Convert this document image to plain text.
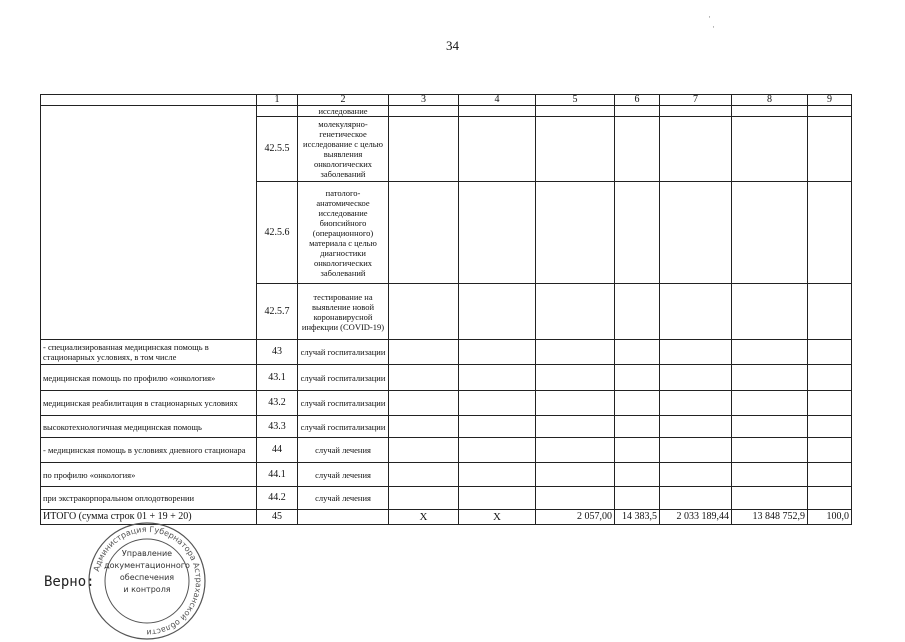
34
·
·
	1	2	3	4	5	6	7	8	9
		исследование							
	42.5.5	молекулярно-генетическое исследование с целью выявления онкологических заболеваний							
	42.5.6	патолого-анатомическое исследование биопсийного (операционного) материала с целью диагностики онкологических заболеваний							
	42.5.7	тестирование на выявление новой коронавирусной инфекции (COVID-19)							
- специализированная медицинская помощь в стационарных условиях, в том числе	43	случай госпитализации							
медицинская помощь по профилю «онкология»	43.1	случай госпитализации							
медицинская реабилитация в стационарных условиях	43.2	случай госпитализации							
высокотехнологичная медицинская помощь	43.3	случай госпитализации							
- медицинская помощь в условиях дневного стационара	44	случай лечения							
по профилю «онкология»	44.1	случай лечения							
при экстракорпоральном оплодотворении	44.2	случай лечения							
ИТОГО (сумма строк 01 + 19 + 20)	45		X	X	2 057,00	14 383,5	2 033 189,44	13 848 752,9	100,0
Администрация Губернатора Астраханской области
Управление
документационного
обеспечения
и контроля
Верно:
